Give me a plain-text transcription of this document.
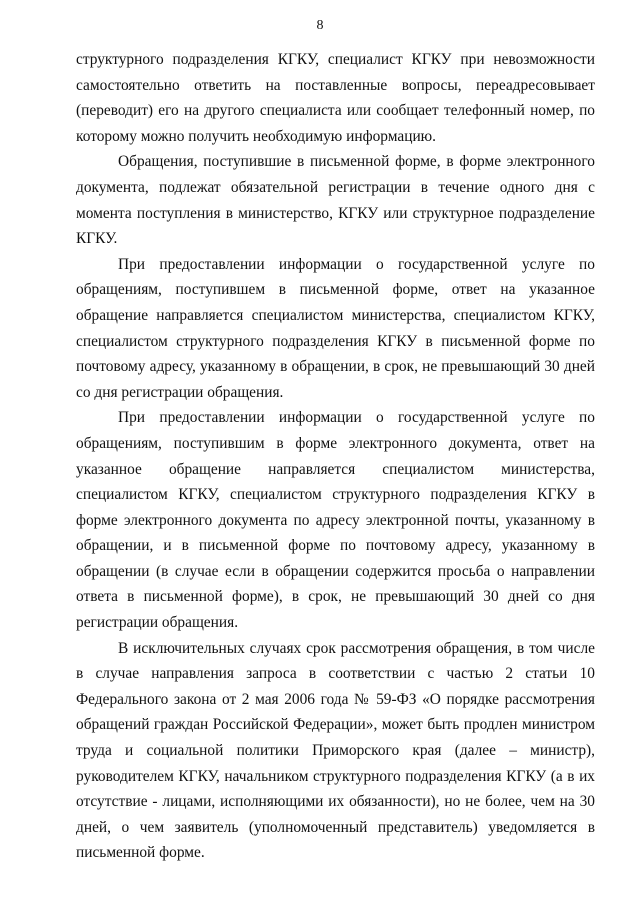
8

структурного подразделения КГКУ, специалист КГКУ при невозможности самостоятельно ответить на поставленные вопросы, переадресовывает (переводит) его на другого специалиста или сообщает телефонный номер, по которому можно получить необходимую информацию.

Обращения, поступившие в письменной форме, в форме электронного документа, подлежат обязательной регистрации в течение одного дня с момента поступления в министерство, КГКУ или структурное подразделение КГКУ.

При предоставлении информации о государственной услуге по обращениям, поступившем в письменной форме, ответ на указанное обращение направляется специалистом министерства, специалистом КГКУ, специалистом структурного подразделения КГКУ в письменной форме по почтовому адресу, указанному в обращении, в срок, не превышающий 30 дней со дня регистрации обращения.

При предоставлении информации о государственной услуге по обращениям, поступившим в форме электронного документа, ответ на указанное обращение направляется специалистом министерства, специалистом КГКУ, специалистом структурного подразделения КГКУ в форме электронного документа по адресу электронной почты, указанному в обращении, и в письменной форме по почтовому адресу, указанному в обращении (в случае если в обращении содержится просьба о направлении ответа в письменной форме), в срок, не превышающий 30 дней со дня регистрации обращения.

В исключительных случаях срок рассмотрения обращения, в том числе в случае направления запроса в соответствии с частью 2 статьи 10 Федерального закона от 2 мая 2006 года № 59-ФЗ «О порядке рассмотрения обращений граждан Российской Федерации», может быть продлен министром труда и социальной политики Приморского края (далее – министр), руководителем КГКУ, начальником структурного подразделения КГКУ (а в их отсутствие - лицами, исполняющими их обязанности), но не более, чем на 30 дней, о чем заявитель (уполномоченный представитель) уведомляется в письменной форме.
